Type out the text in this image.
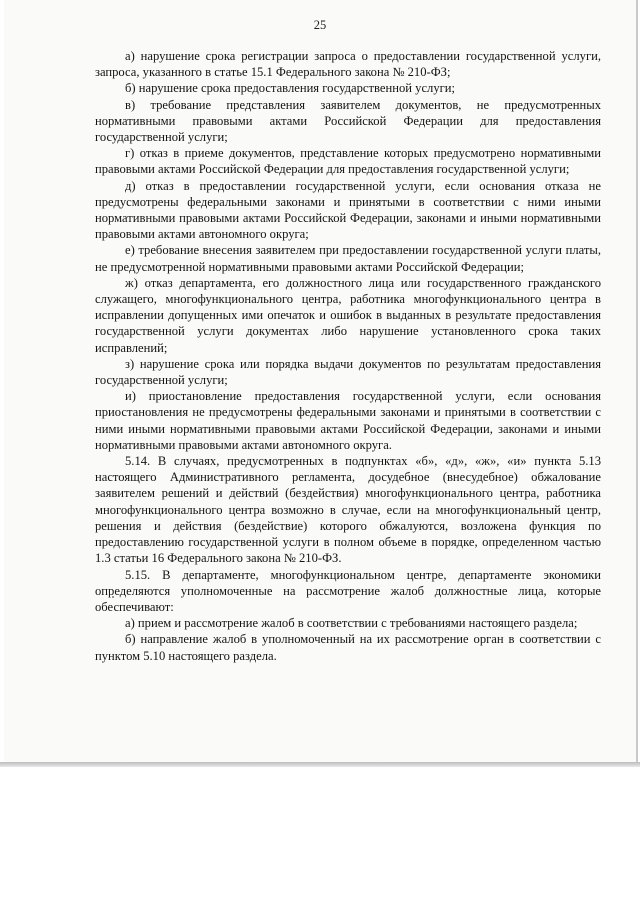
25

а) нарушение срока регистрации запроса о предоставлении государственной услуги, запроса, указанного в статье 15.1 Федерального закона № 210-ФЗ;

б) нарушение срока предоставления государственной услуги;

в) требование представления заявителем документов, не предусмотренных нормативными правовыми актами Российской Федерации для предоставления государственной услуги;

г) отказ в приеме документов, представление которых предусмотрено нормативными правовыми актами Российской Федерации для предоставления государственной услуги;

д) отказ в предоставлении государственной услуги, если основания отказа не предусмотрены федеральными законами и принятыми в соответствии с ними иными нормативными правовыми актами Российской Федерации, законами и иными нормативными правовыми актами автономного округа;

е) требование внесения заявителем при предоставлении государственной услуги платы, не предусмотренной нормативными правовыми актами Российской Федерации;

ж) отказ департамента, его должностного лица или государственного гражданского служащего, многофункционального центра, работника многофункционального центра в исправлении допущенных ими опечаток и ошибок в выданных в результате предоставления государственной услуги документах либо нарушение установленного срока таких исправлений;

з) нарушение срока или порядка выдачи документов по результатам предоставления государственной услуги;

и) приостановление предоставления государственной услуги, если основания приостановления не предусмотрены федеральными законами и принятыми в соответствии с ними иными нормативными правовыми актами Российской Федерации, законами и иными нормативными правовыми актами автономного округа.

5.14. В случаях, предусмотренных в подпунктах «б», «д», «ж», «и» пункта 5.13 настоящего Административного регламента, досудебное (внесудебное) обжалование заявителем решений и действий (бездействия) многофункционального центра, работника многофункционального центра возможно в случае, если на многофункциональный центр, решения и действия (бездействие) которого обжалуются, возложена функция по предоставлению государственной услуги в полном объеме в порядке, определенном частью 1.3 статьи 16 Федерального закона № 210-ФЗ.

5.15. В департаменте, многофункциональном центре, департаменте экономики определяются уполномоченные на рассмотрение жалоб должностные лица, которые обеспечивают:

а) прием и рассмотрение жалоб в соответствии с требованиями настоящего раздела;

б) направление жалоб в уполномоченный на их рассмотрение орган в соответствии с пунктом 5.10 настоящего раздела.
